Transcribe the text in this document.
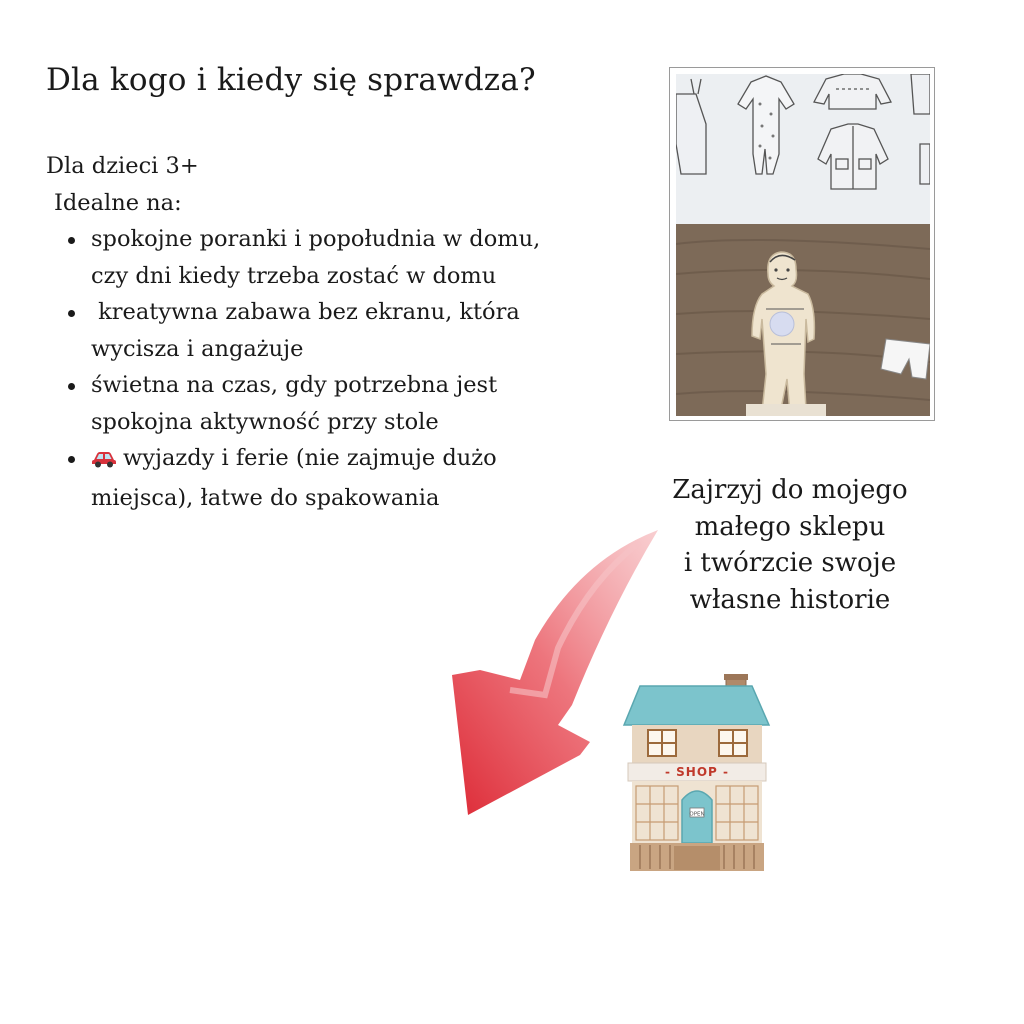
Dla kogo i kiedy się sprawdza?

Dla dzieci 3+

Idealne na:

spokojne poranki i popołudnia w domu,
czy dni kiedy trzeba zostać w domu
kreatywna zabawa bez ekranu, która
wycisza i angażuje
świetna na czas, gdy potrzebna jest
spokojna aktywność przy stole
wyjazdy i ferie (nie zajmuje dużo
miejsca), łatwe do spakowania	Zajrzyj do mojego
małego sklepu
i twórzcie swoje
własne historie
- SHOP -
OPEN
